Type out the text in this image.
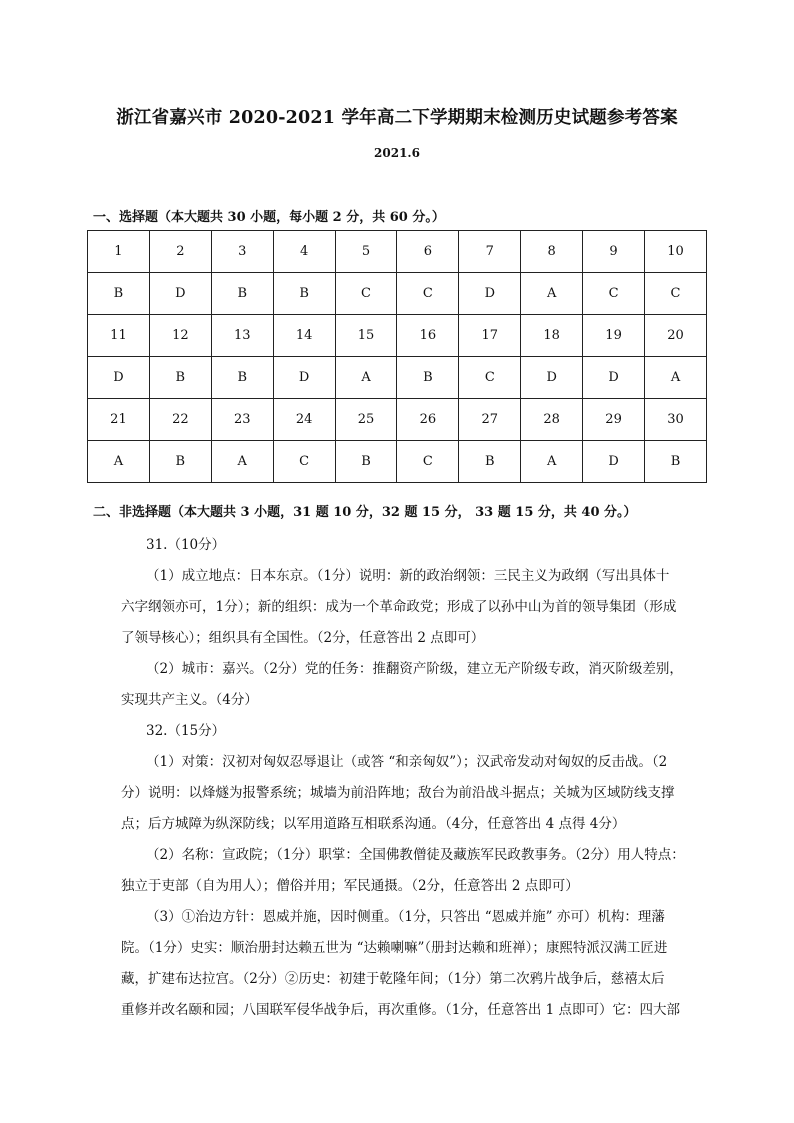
浙江省嘉兴市 2020-2021 学年高二下学期期末检测历史试题参考答案
2021.6
一、选择题（本大题共 30 小题，每小题 2 分，共 60 分。）
1	2	3	4	5	6	7	8	9	10
B	D	B	B	C	C	D	A	C	C
11	12	13	14	15	16	17	18	19	20
D	B	B	D	A	B	C	D	D	A
21	22	23	24	25	26	27	28	29	30
A	B	A	C	B	C	B	A	D	B
二、非选择题（本大题共 3 小题，31 题 10 分，32 题 15 分， 33 题 15 分，共 40 分。）

31.（10分）

（1）成立地点：日本东京。（1分）说明：新的政治纲领：三民主义为政纲（写出具体十

六字纲领亦可，1分）；新的组织：成为一个革命政党；形成了以孙中山为首的领导集团（形成

了领导核心）；组织具有全国性。（2分，任意答出 2 点即可）

（2）城市：嘉兴。（2分）党的任务：推翻资产阶级，建立无产阶级专政，消灭阶级差别，

实现共产主义。（4分）

32.（15分）

（1）对策：汉初对匈奴忍辱退让（或答 “和亲匈奴”）；汉武帝发动对匈奴的反击战。（2

分）说明：以烽燧为报警系统；城墙为前沿阵地；敌台为前沿战斗据点；关城为区域防线支撑

点；后方城障为纵深防线；以军用道路互相联系沟通。（4分，任意答出 4 点得 4分）

（2）名称：宣政院；（1分）职掌：全国佛教僧徒及藏族军民政教事务。（2分）用人特点：

独立于吏部（自为用人）；僧俗并用；军民通摄。（2分，任意答出 2 点即可）

（3）①治边方针：恩威并施，因时侧重。（1分，只答出 “恩威并施” 亦可）机构：理藩

院。（1分）史实：顺治册封达赖五世为 “达赖喇嘛”（册封达赖和班禅）；康熙特派汉满工匠进

藏，扩建布达拉宫。（2分）②历史：初建于乾隆年间；（1分）第二次鸦片战争后，慈禧太后

重修并改名颐和园；八国联军侵华战争后，再次重修。（1分，任意答出 1 点即可）它：四大部
